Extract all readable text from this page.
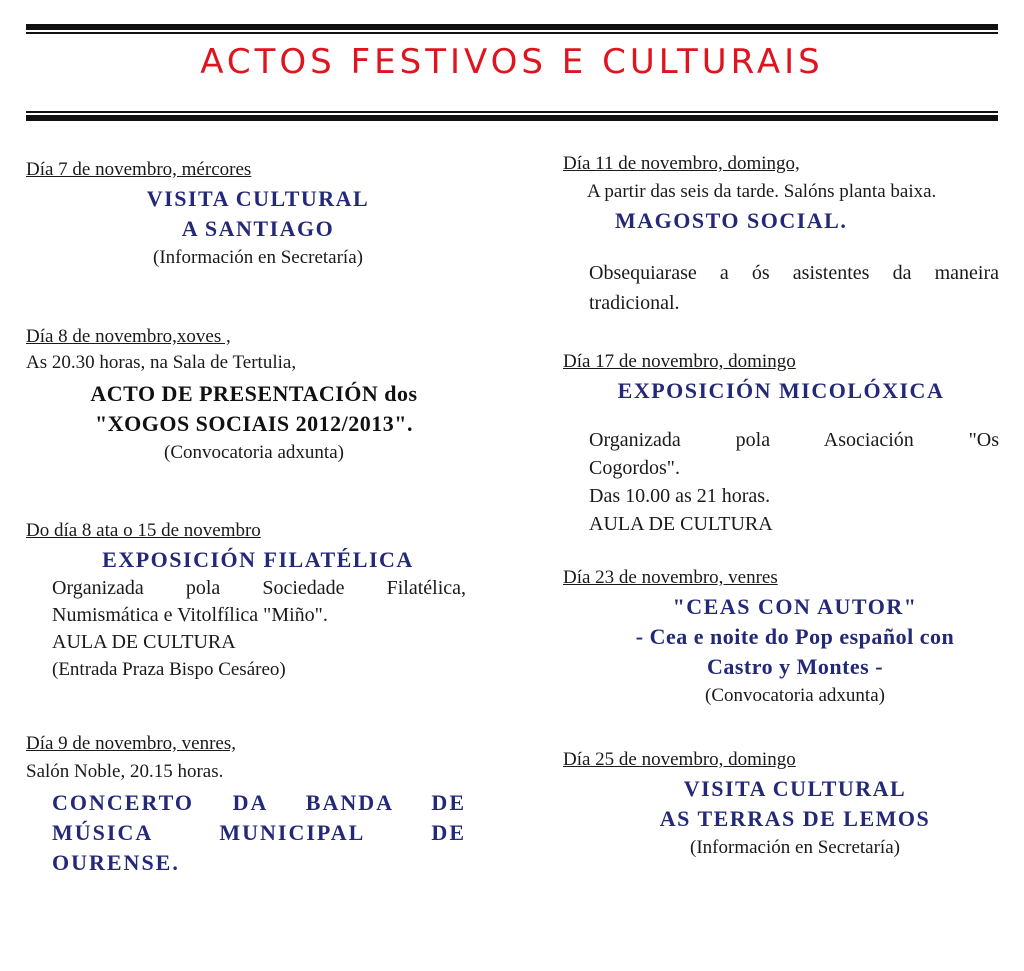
ACTOS FESTIVOS E CULTURAIS
Día 7 de novembro, mércores
VISITA CULTURAL
A SANTIAGO
(Información en Secretaría)
Día 8 de novembro,xoves ,
As 20.30 horas, na Sala de Tertulia,
ACTO DE PRESENTACIÓN dos
"XOGOS SOCIAIS 2012/2013".
(Convocatoria adxunta)
Do día 8 ata o 15 de novembro
EXPOSICIÓN FILATÉLICA
Organizada pola Sociedade Filatélica,
Numismática e Vitolfílica "Miño".
AULA DE CULTURA
(Entrada Praza Bispo Cesáreo)
Día 9 de novembro, venres,
Salón Noble, 20.15 horas.
CONCERTO DA BANDA DE
MÚSICA MUNICIPAL DE
OURENSE.
Día 11 de novembro, domingo,
A partir das seis da tarde. Salóns planta baixa.
MAGOSTO SOCIAL.
Obsequiarase a ós asistentes da maneira
tradicional.
Día 17 de novembro, domingo
EXPOSICIÓN MICOLÓXICA
Organizada pola Asociación "Os
Cogordos".
Das 10.00 as 21 horas.
AULA DE CULTURA
Día 23 de novembro, venres
"CEAS CON AUTOR"
- Cea e noite do Pop español con
Castro y Montes -
(Convocatoria adxunta)
Día 25 de novembro, domingo
VISITA CULTURAL
AS TERRAS DE LEMOS
(Información en Secretaría)
